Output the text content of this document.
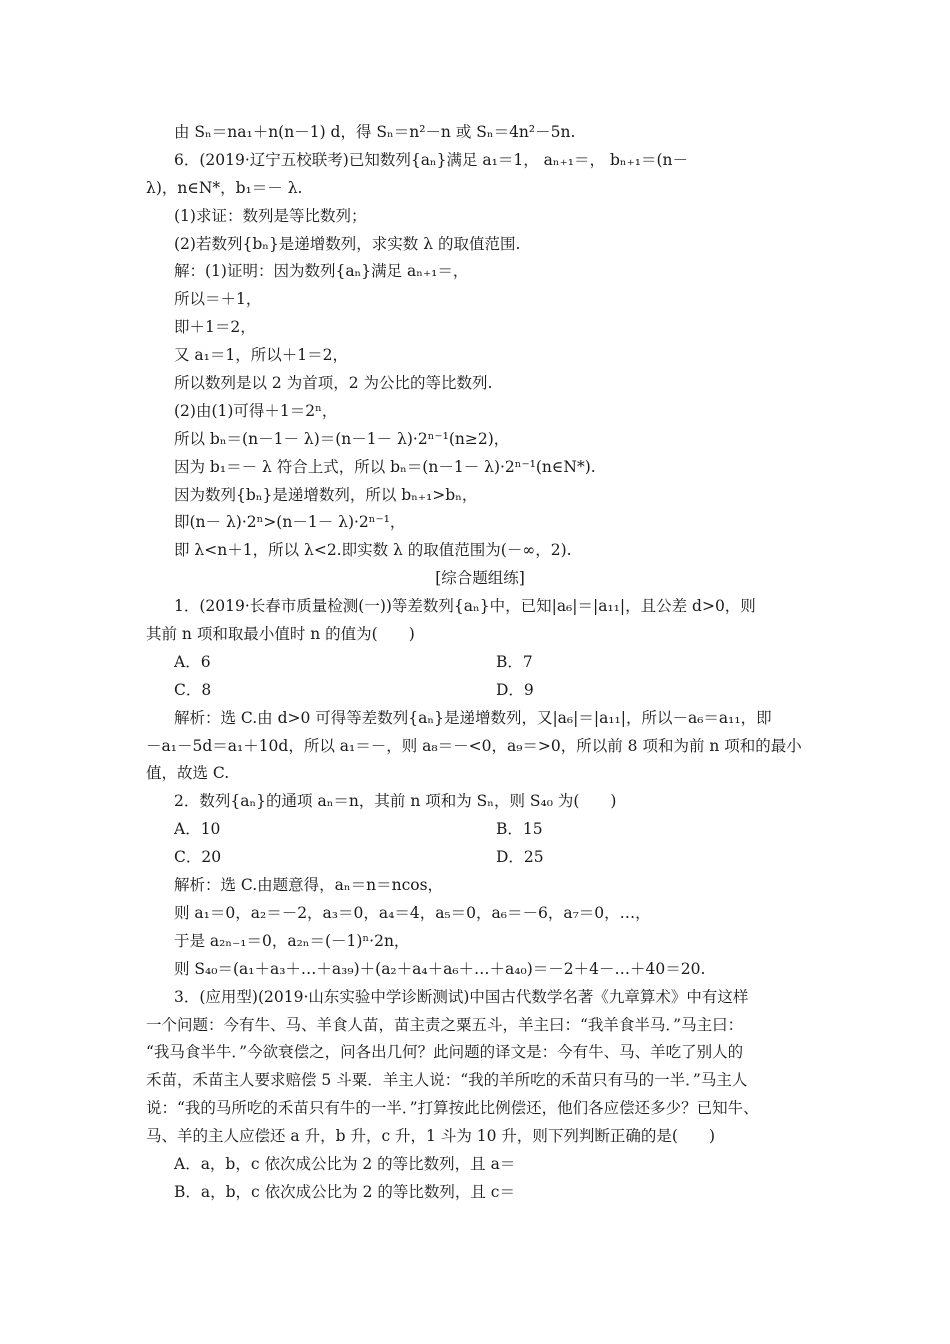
由 Sₙ＝na₁＋n(n－1) d，得 Sₙ＝n²－n 或 Sₙ＝4n²－5n.
6．(2019·辽宁五校联考)已知数列{aₙ}满足 a₁＝1， aₙ₊₁＝， bₙ₊₁＝(n－
λ)，n∈N*，b₁＝－ λ.
(1)求证：数列是等比数列；
(2)若数列{bₙ}是递增数列，求实数 λ 的取值范围.
解：(1)证明：因为数列{aₙ}满足 aₙ₊₁＝，
所以＝＋1，
即＋1＝2，
又 a₁＝1，所以＋1＝2，
所以数列是以 2 为首项，2 为公比的等比数列.
(2)由(1)可得＋1＝2ⁿ，
所以 bₙ＝(n－1－ λ)＝(n－1－ λ)·2ⁿ⁻¹(n≥2)，
因为 b₁＝－ λ 符合上式，所以 bₙ＝(n－1－ λ)·2ⁿ⁻¹(n∈N*).
因为数列{bₙ}是递增数列，所以 bₙ₊₁>bₙ，
即(n－ λ)·2ⁿ>(n－1－ λ)·2ⁿ⁻¹，
即 λ<n＋1，所以 λ<2.即实数 λ 的取值范围为(－∞，2).
[综合题组练]
1．(2019·长春市质量检测(一))等差数列{aₙ}中，已知|a₆|＝|a₁₁|，且公差 d>0，则
其前 n 项和取最小值时 n 的值为(　　)
A．6	B．7
C．8	D．9
解析：选 C.由 d>0 可得等差数列{aₙ}是递增数列，又|a₆|＝|a₁₁|，所以－a₆＝a₁₁，即
－a₁－5d＝a₁＋10d，所以 a₁＝－，则 a₈＝－<0，a₉＝>0，所以前 8 项和为前 n 项和的最小
值，故选 C.
2．数列{aₙ}的通项 aₙ＝n，其前 n 项和为 Sₙ，则 S₄₀ 为(　　)
A．10	B．15
C．20	D．25
解析：选 C.由题意得，aₙ＝n＝ncos，
则 a₁＝0，a₂＝－2，a₃＝0，a₄＝4，a₅＝0，a₆＝－6，a₇＝0，…，
于是 a₂ₙ₋₁＝0，a₂ₙ＝(－1)ⁿ·2n，
则 S₄₀＝(a₁＋a₃＋…＋a₃₉)＋(a₂＋a₄＋a₆＋…＋a₄₀)＝－2＋4－…＋40＝20.
3．(应用型)(2019·山东实验中学诊断测试)中国古代数学名著《九章算术》中有这样
一个问题：今有牛、马、羊食人苗，苗主责之粟五斗，羊主曰：“我羊食半马．”马主曰：
“我马食半牛．”今欲衰偿之，问各出几何？此问题的译文是：今有牛、马、羊吃了别人的
禾苗，禾苗主人要求赔偿 5 斗粟．羊主人说：“我的羊所吃的禾苗只有马的一半．”马主人
说：“我的马所吃的禾苗只有牛的一半．”打算按此比例偿还，他们各应偿还多少？已知牛、
马、羊的主人应偿还 a 升，b 升，c 升，1 斗为 10 升，则下列判断正确的是(　　)
A．a，b，c 依次成公比为 2 的等比数列，且 a＝
B．a，b，c 依次成公比为 2 的等比数列，且 c＝
